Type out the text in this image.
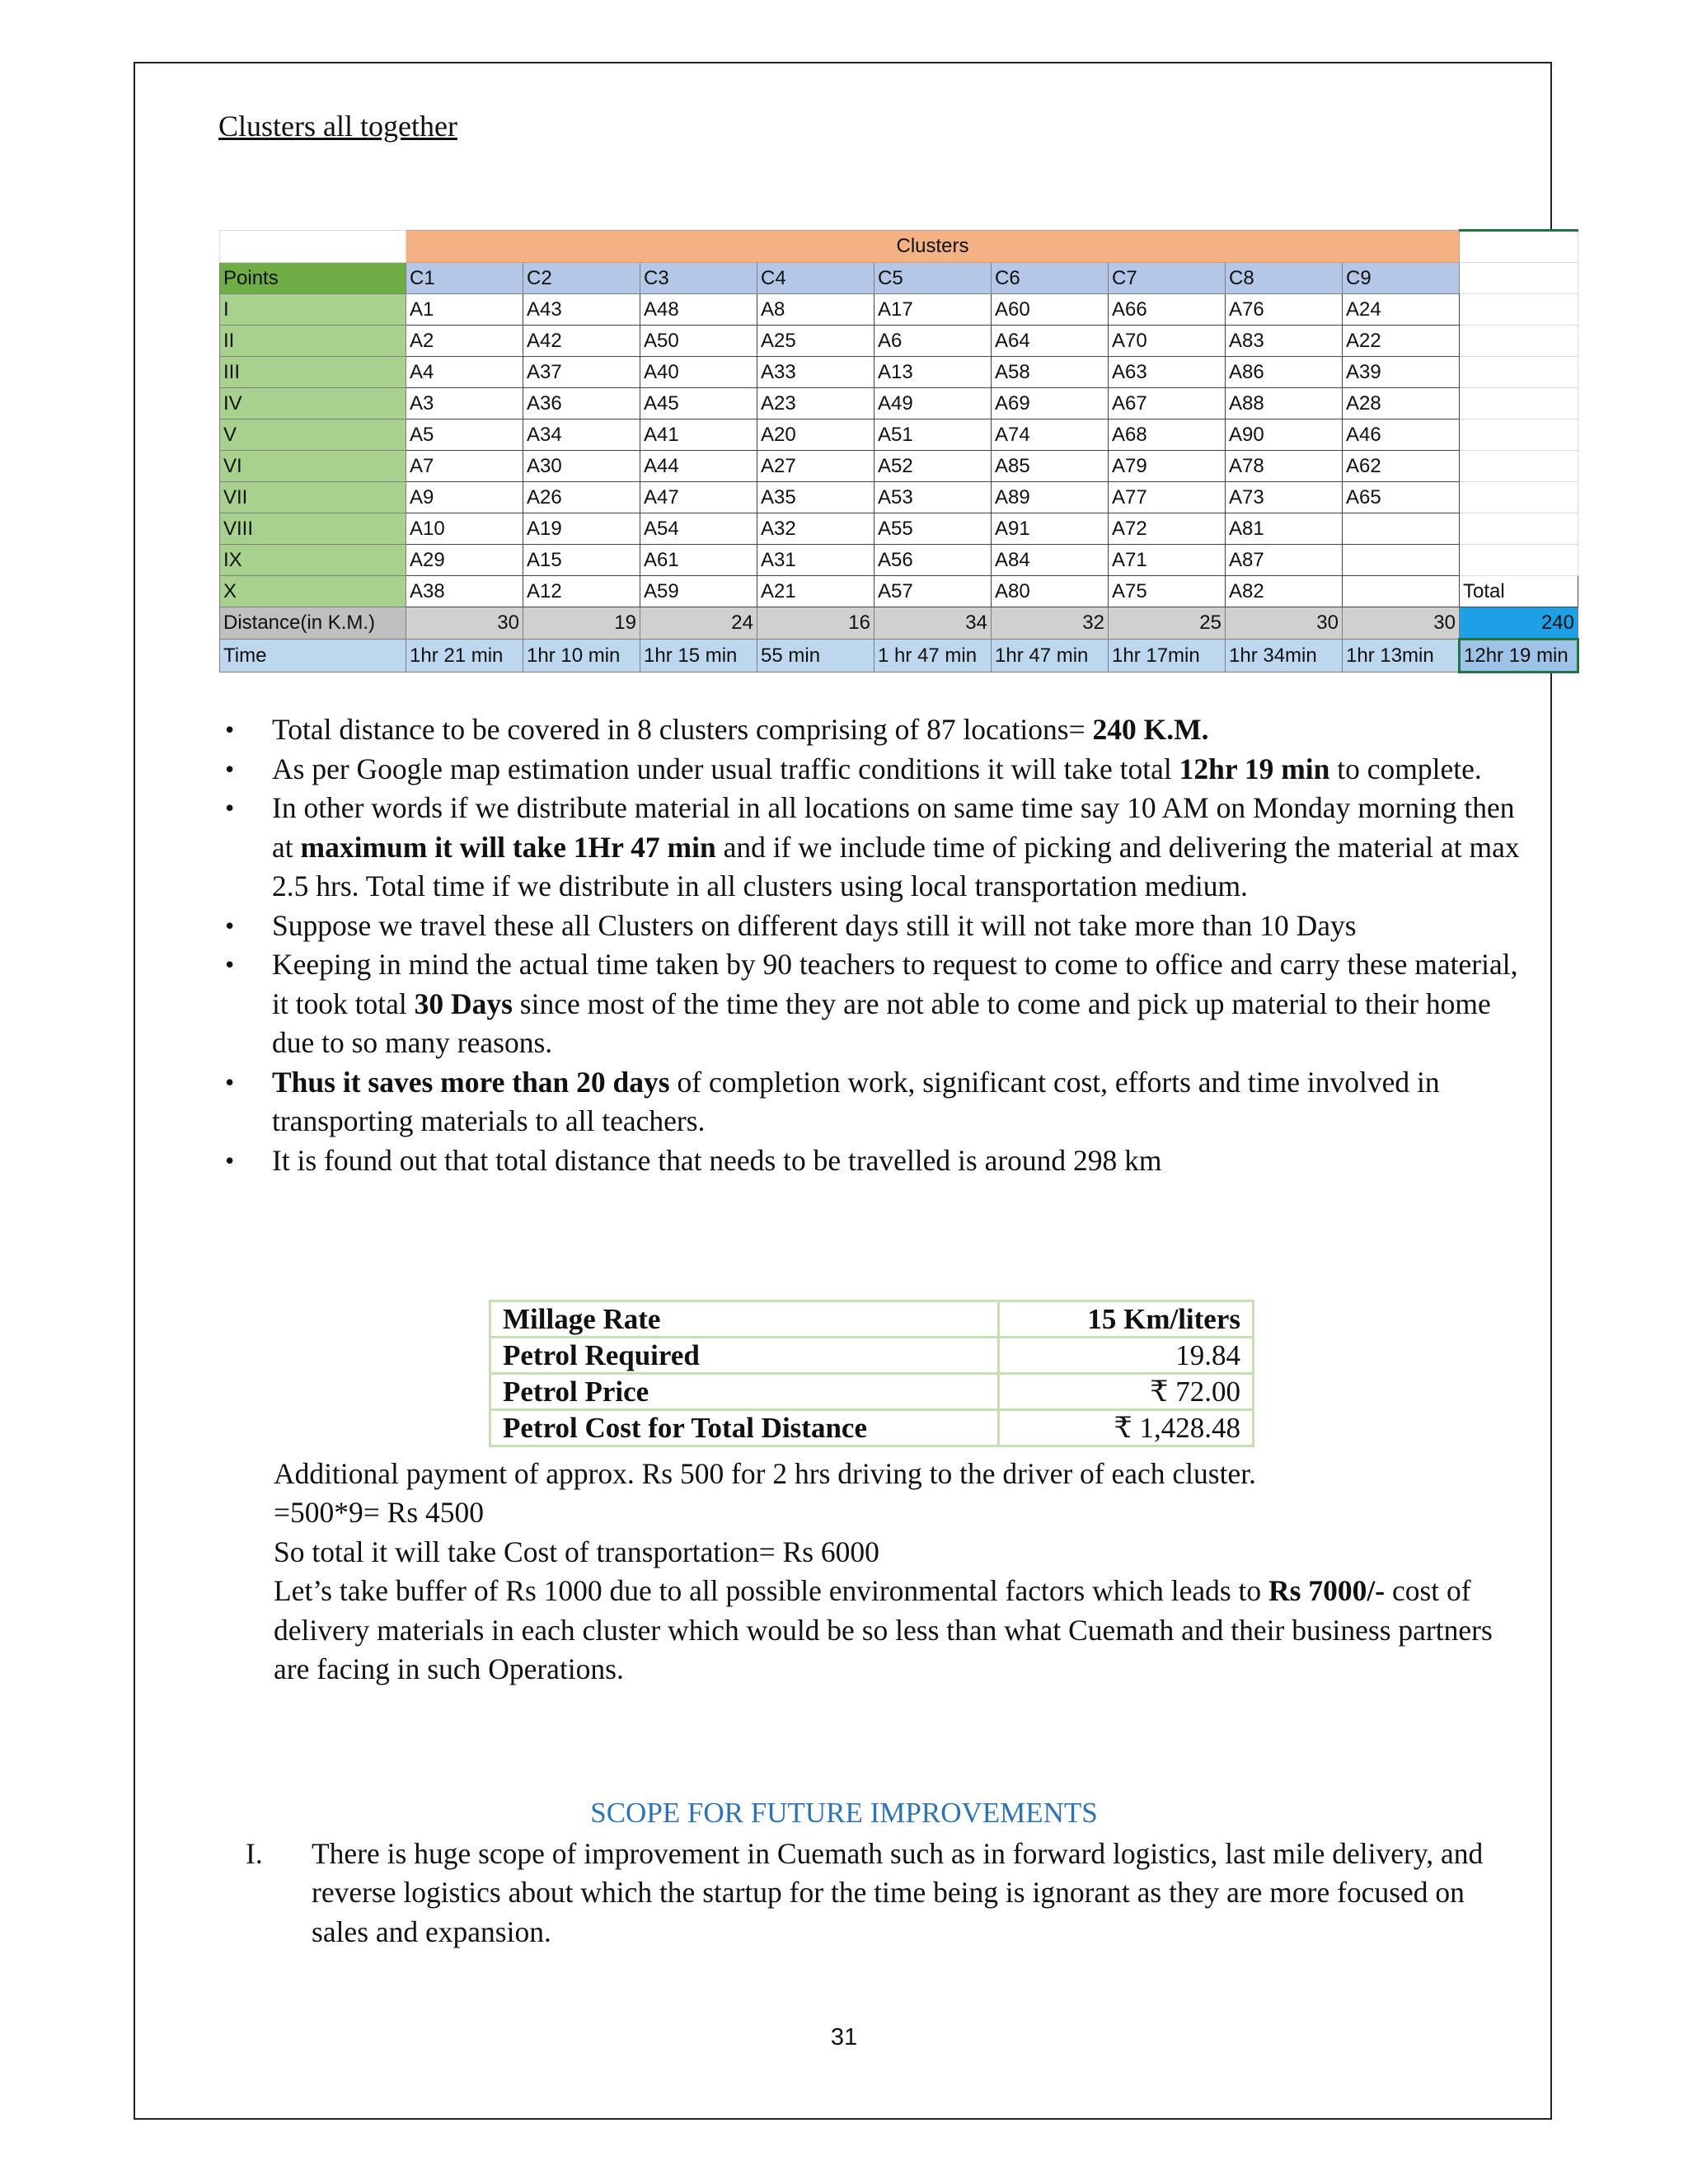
Clusters all together
	Clusters									
Points	C1	C2	C3	C4	C5	C6	C7	C8	C9	
I	A1	A43	A48	A8	A17	A60	A66	A76	A24	
II	A2	A42	A50	A25	A6	A64	A70	A83	A22	
III	A4	A37	A40	A33	A13	A58	A63	A86	A39	
IV	A3	A36	A45	A23	A49	A69	A67	A88	A28	
V	A5	A34	A41	A20	A51	A74	A68	A90	A46	
VI	A7	A30	A44	A27	A52	A85	A79	A78	A62	
VII	A9	A26	A47	A35	A53	A89	A77	A73	A65	
VIII	A10	A19	A54	A32	A55	A91	A72	A81		
IX	A29	A15	A61	A31	A56	A84	A71	A87		
X	A38	A12	A59	A21	A57	A80	A75	A82		Total
Distance(in K.M.)	30	19	24	16	34	32	25	30	30	240
Time	1hr 21 min	1hr 10 min	1hr 15 min	55 min	1 hr 47 min	1hr 47 min	1hr 17min	1hr 34min	1hr 13min	12hr 19 min
• Total distance to be covered in 8 clusters comprising of 87 locations= 240 K.M.
• As per Google map estimation under usual traffic conditions it will take total 12hr 19 min to complete.
• In other words if we distribute material in all locations on same time say 10 AM on Monday morning then at maximum it will take 1Hr 47 min and if we include time of picking and delivering the material at max 2.5 hrs. Total time if we distribute in all clusters using local transportation medium.
• Suppose we travel these all Clusters on different days still it will not take more than 10 Days
• Keeping in mind the actual time taken by 90 teachers to request to come to office and carry these material, it took total 30 Days since most of the time they are not able to come and pick up material to their home due to so many reasons.
• Thus it saves more than 20 days of completion work, significant cost, efforts and time involved in transporting materials to all teachers.
• It is found out that total distance that needs to be travelled is around 298 km
Millage Rate	15 Km/liters
Petrol Required	19.84
Petrol Price	₹ 72.00
Petrol Cost for Total Distance	₹ 1,428.48

Additional payment of approx. Rs 500 for 2 hrs driving to the driver of each cluster.

=500*9= Rs 4500

So total it will take Cost of transportation= Rs 6000

Let’s take buffer of Rs 1000 due to all possible environmental factors which leads to Rs 7000/- cost of delivery materials in each cluster which would be so less than what Cuemath and their business partners are facing in such Operations.

SCOPE FOR FUTURE IMPROVEMENTS
I. There is huge scope of improvement in Cuemath such as in forward logistics, last mile delivery, and reverse logistics about which the startup for the time being is ignorant as they are more focused on sales and expansion.
31
